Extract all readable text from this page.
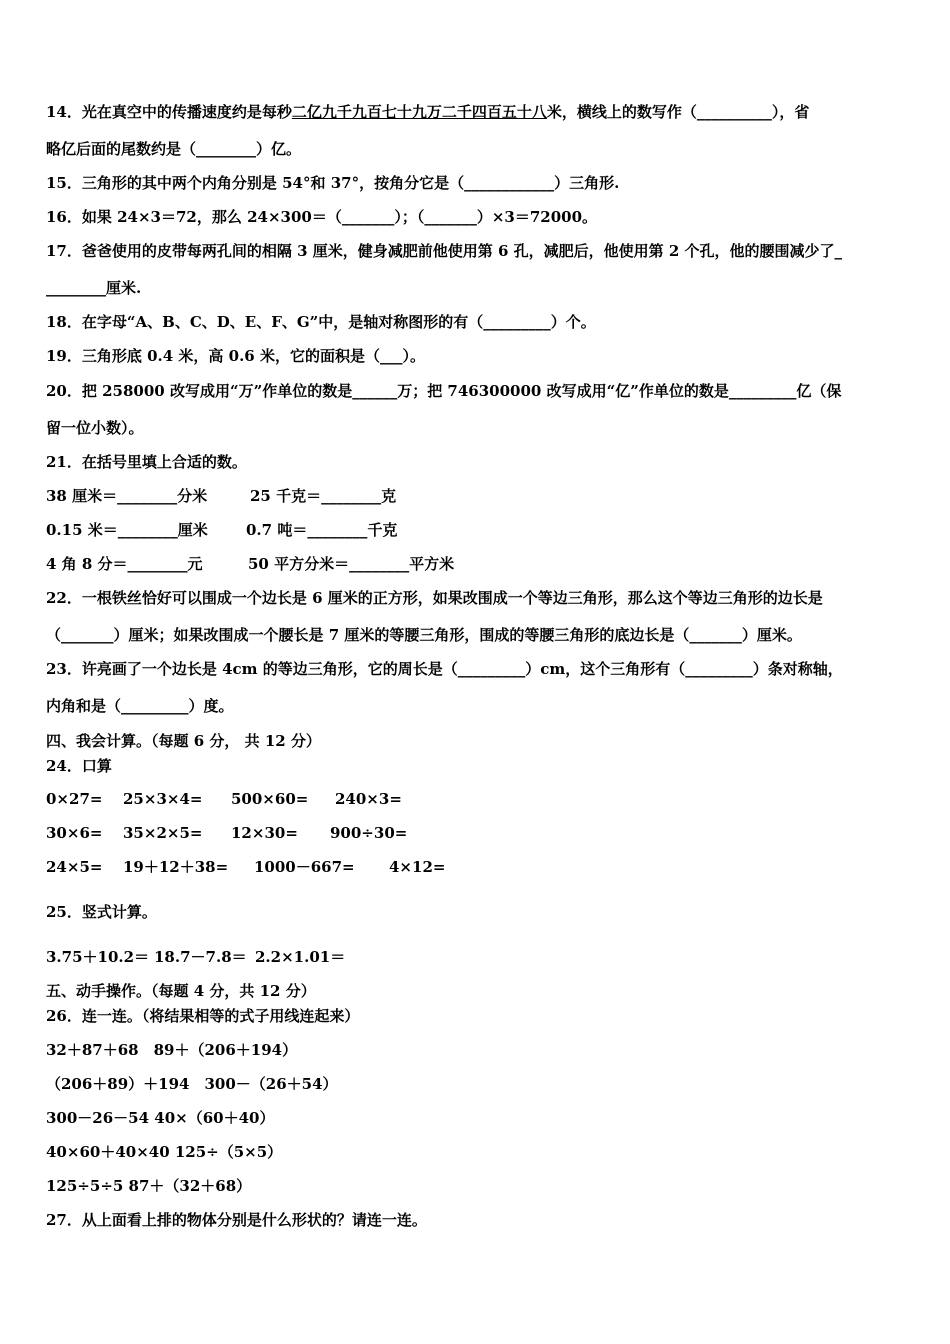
14．光在真空中的传播速度约是每秒二亿九千九百七十九万二千四百五十八米，横线上的数写作（__________），省

略亿后面的尾数约是（________）亿。

15．三角形的其中两个内角分别是 54°和 37°，按角分它是（____________）三角形.

16．如果 24×3＝72，那么 24×300＝（_______）；（_______）×3＝72000。

17．爸爸使用的皮带每两孔间的相隔 3 厘米，健身减肥前他使用第 6 孔，减肥后，他使用第 2 个孔，他的腰围减少了_

________厘米.

18．在字母“A、B、C、D、E、F、G”中，是轴对称图形的有（_________）个。

19．三角形底 0.4 米，高 0.6 米，它的面积是（___）。

20．把 258000 改写成用“万”作单位的数是______万；把 746300000 改写成用“亿”作单位的数是_________亿（保

留一位小数）。

21．在括号里填上合适的数。

38 厘米＝________分米	25 千克＝________克

0.15 米＝________厘米	0.7 吨＝________千克

4 角 8 分＝________元	50 平方分米＝________平方米

22．一根铁丝恰好可以围成一个边长是 6 厘米的正方形，如果改围成一个等边三角形，那么这个等边三角形的边长是

（_______）厘米；如果改围成一个腰长是 7 厘米的等腰三角形，围成的等腰三角形的底边长是（_______）厘米。

23．许亮画了一个边长是 4cm 的等边三角形，它的周长是（_________）cm，这个三角形有（_________）条对称轴，

内角和是（_________）度。

四、我会计算。（每题 6 分， 共 12 分）

24．口算

0×27= 25×3×4= 500×60= 240×3=

30×6= 35×2×5= 12×30= 900÷30=

24×5= 19＋12＋38= 1000－667= 4×12=

25．竖式计算。

3.75＋10.2＝ 18.7－7.8＝ 2.2×1.01＝

五、动手操作。（每题 4 分，共 12 分）

26．连一连。（将结果相等的式子用线连起来）

32＋87＋68　89＋（206＋194）

（206＋89）＋194　300－（26＋54）

300－26－54 40×（60＋40）

40×60＋40×40 125÷（5×5）

125÷5÷5 87＋（32＋68）

27．从上面看上排的物体分别是什么形状的？请连一连。
